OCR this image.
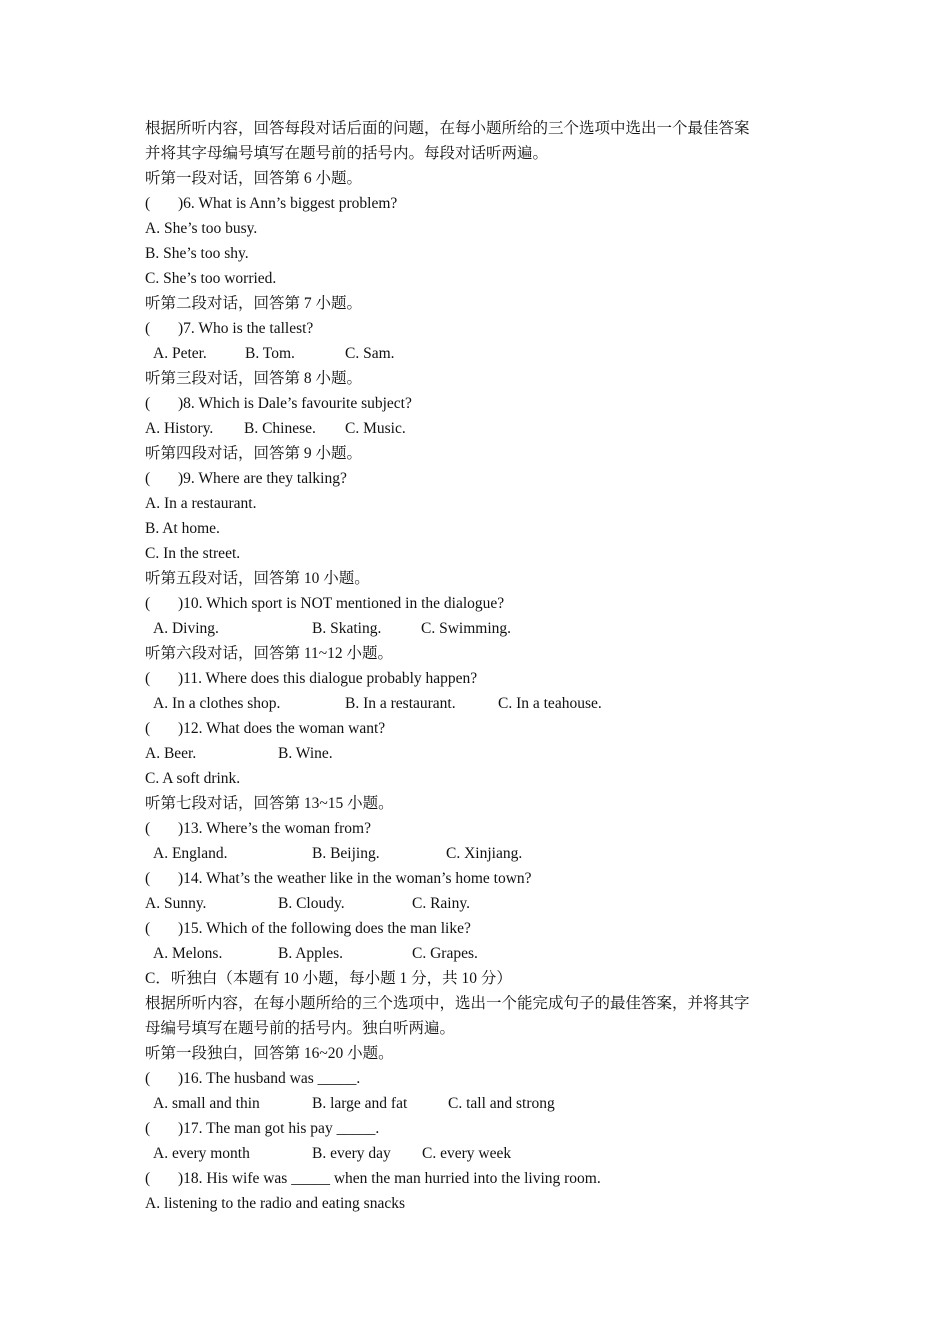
根据所听内容，回答每段对话后面的问题，在每小题所给的三个选项中选出一个最佳答案
并将其字母编号填写在题号前的括号内。每段对话听两遍。
听第一段对话，回答第 6 小题。
(	)6. What is Ann’s biggest problem?
A. She’s too busy.
B. She’s too shy.
C. She’s too worried.
听第二段对话，回答第 7 小题。
(	)7. Who is the tallest?
A. Peter.	B. Tom.	C. Sam.
听第三段对话，回答第 8 小题。
(	)8. Which is Dale’s favourite subject?
A. History.	B. Chinese.	C. Music.
听第四段对话，回答第 9 小题。
(	)9. Where are they talking?
A. In a restaurant.
B. At home.
C. In the street.
听第五段对话，回答第 10 小题。
(	)10. Which sport is NOT mentioned in the dialogue?
A. Diving.	B. Skating.	C. Swimming.
听第六段对话，回答第 11~12 小题。
(	)11. Where does this dialogue probably happen?
A. In a clothes shop.	B. In a restaurant.	C. In a teahouse.
(	)12. What does the woman want?
A. Beer.	B. Wine.
C. A soft drink.
听第七段对话，回答第 13~15 小题。
(	)13. Where’s the woman from?
A. England.	B. Beijing.	C. Xinjiang.
(	)14. What’s the weather like in the woman’s home town?
A. Sunny.	B. Cloudy.	C. Rainy.
(	)15. Which of the following does the man like?
A. Melons.	B. Apples.	C. Grapes.
C．听独白（本题有 10 小题，每小题 1 分，共 10 分）
根据所听内容，在每小题所给的三个选项中，选出一个能完成句子的最佳答案，并将其字
母编号填写在题号前的括号内。独白听两遍。
听第一段独白，回答第 16~20 小题。
(	)16. The husband was _____.
A. small and thin	B. large and fat	C. tall and strong
(	)17. The man got his pay _____.
A. every month	B. every day	C. every week
(	)18. His wife was _____ when the man hurried into the living room.
A. listening to the radio and eating snacks
